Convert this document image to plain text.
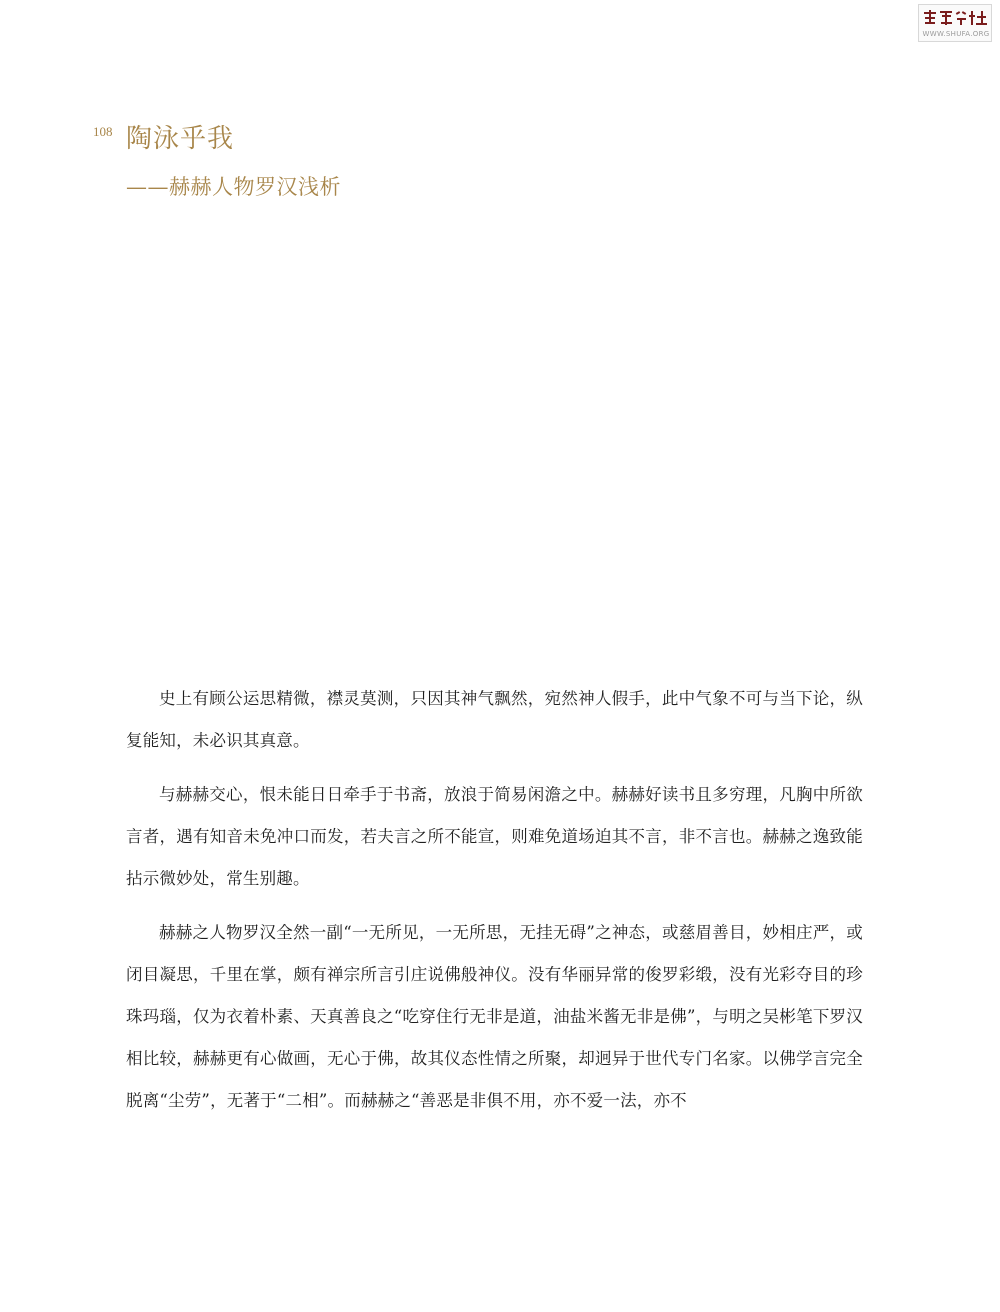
WWW.SHUFA.ORG
108 陶泳乎我
——赫赫人物罗汉浅析

史上有顾公运思精微，襟灵莫测，只因其神气飘然，宛然神人假手，此中气象不可与当下论，纵复能知，未必识其真意。

与赫赫交心，恨未能日日牵手于书斋，放浪于简易闲澹之中。赫赫好读书且多穷理，凡胸中所欲言者，遇有知音未免冲口而发，若夫言之所不能宣，则难免道场迫其不言，非不言也。赫赫之逸致能拈示微妙处，常生别趣。

赫赫之人物罗汉全然一副“一无所见，一无所思，无挂无碍”之神态，或慈眉善目，妙相庄严，或闭目凝思，千里在掌，颇有禅宗所言引庄说佛般神仪。没有华丽异常的俊罗彩缎，没有光彩夺目的珍珠玛瑙，仅为衣着朴素、天真善良之“吃穿住行无非是道，油盐米酱无非是佛”，与明之吴彬笔下罗汉相比较，赫赫更有心做画，无心于佛，故其仪态性情之所聚，却迥异于世代专门名家。以佛学言完全脱离“尘劳”，无著于“二相”。而赫赫之“善恶是非俱不用，亦不爱一法，亦不
